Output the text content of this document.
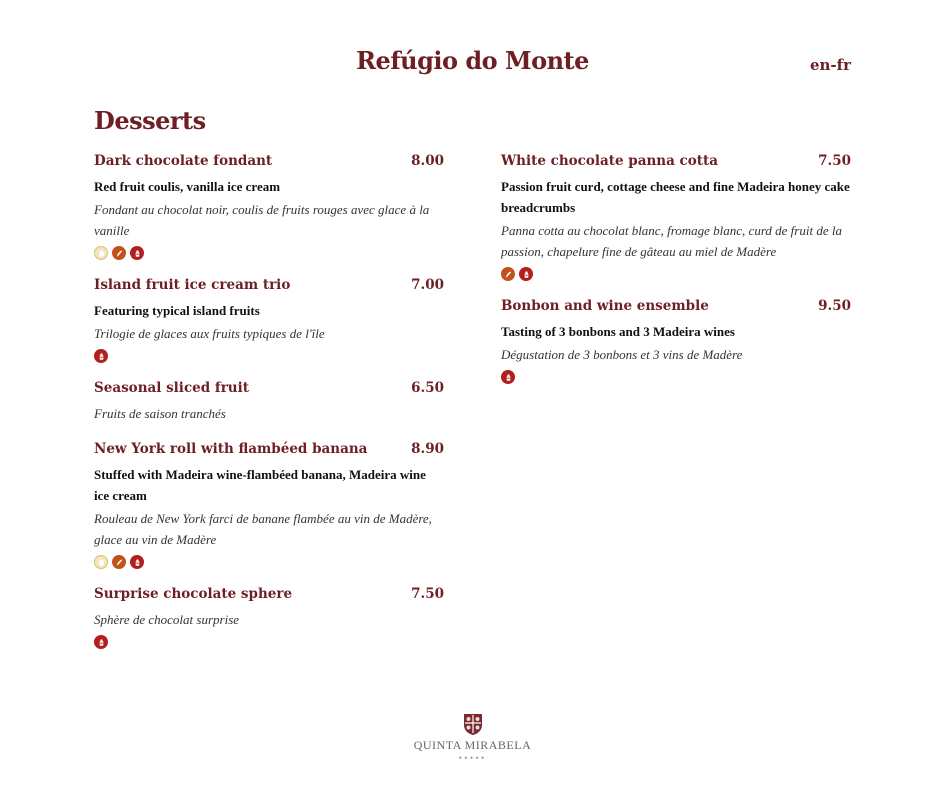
Refúgio do Monte	en-fr
Desserts
Dark chocolate fondant	8.00
Red fruit coulis, vanilla ice cream
Fondant au chocolat noir, coulis de fruits rouges avec glace à la vanille
Island fruit ice cream trio	7.00
Featuring typical island fruits
Trilogie de glaces aux fruits typiques de l'île
Seasonal sliced fruit	6.50
Fruits de saison tranchés
New York roll with flambéed banana	8.90
Stuffed with Madeira wine-flambéed banana, Madeira wine ice cream
Rouleau de New York farci de banane flambée au vin de Madère, glace au vin de Madère
Surprise chocolate sphere	7.50
Sphère de chocolat surprise
White chocolate panna cotta	7.50
Passion fruit curd, cottage cheese and fine Madeira honey cake breadcrumbs
Panna cotta au chocolat blanc, fromage blanc, curd de fruit de la passion, chapelure fine de gâteau au miel de Madère
Bonbon and wine ensemble	9.50
Tasting of 3 bonbons and 3 Madeira wines
Dégustation de 3 bonbons et 3 vins de Madère
QUINTA MIRABELA
★★★★★
